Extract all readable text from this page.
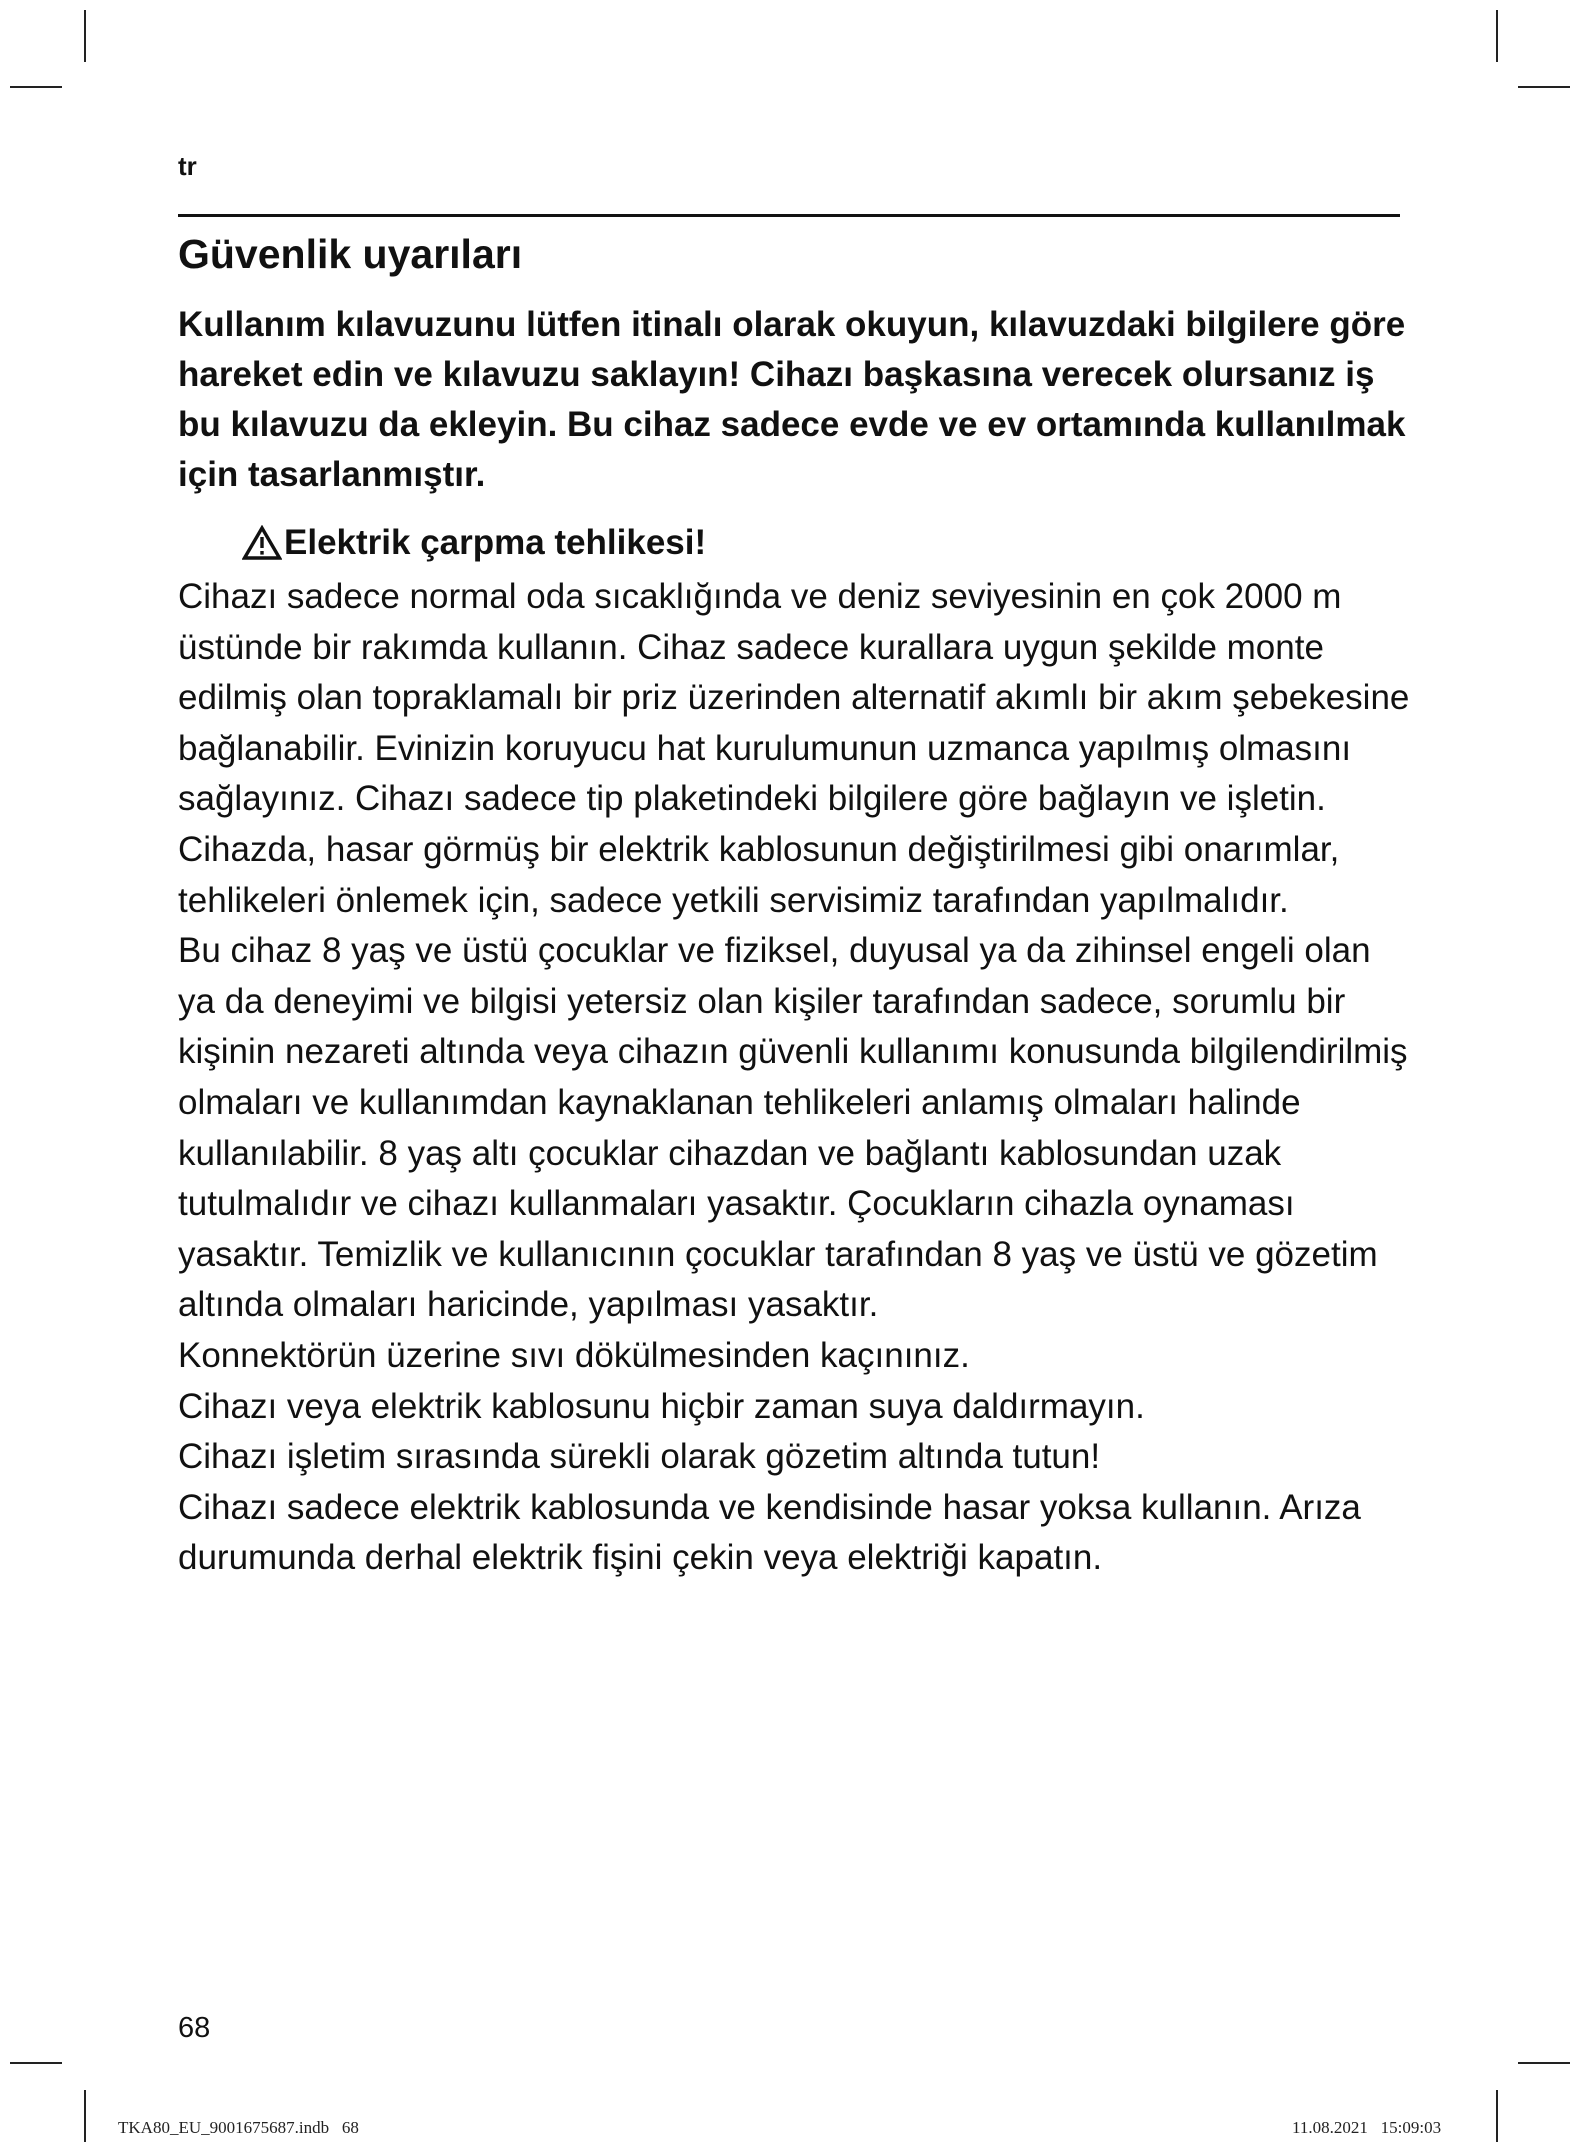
tr
Güvenlik uyarıları

Kullanım kılavuzunu lütfen itinalı olarak okuyun, kılavuzdaki bilgilere göre hareket edin ve kılavuzu saklayın! Cihazı başkasına verecek olursanız iş bu kılavuzu da ekleyin. Bu cihaz sadece evde ve ev ortamında kullanılmak için tasarlanmıştır.

Elektrik çarpma tehlikesi!

Cihazı sadece normal oda sıcaklığında ve deniz seviyesinin en çok 2000 m üstünde bir rakımda kullanın. Cihaz sadece kurallara uygun şekilde monte edilmiş olan topraklamalı bir priz üzerinden alternatif akımlı bir akım şebekesine bağlanabilir. Evinizin koruyucu hat kurulumunun uzmanca yapılmış olmasını sağlayınız. Cihazı sadece tip plaketindeki bilgilere göre bağlayın ve işletin. Cihazda, hasar görmüş bir elektrik kablosunun değiştirilmesi gibi onarımlar, tehlikeleri önlemek için, sadece yetkili servisimiz tarafından yapılmalıdır.

Bu cihaz 8 yaş ve üstü çocuklar ve fiziksel, duyusal ya da zihinsel engeli olan ya da deneyimi ve bilgisi yetersiz olan kişiler tarafından sadece, sorumlu bir kişinin nezareti altında veya cihazın güvenli kullanımı konusunda bilgilendirilmiş olmaları ve kullanımdan kaynaklanan tehlikeleri anlamış olmaları halinde kullanılabilir. 8 yaş altı çocuklar cihazdan ve bağlantı kablosundan uzak tutulmalıdır ve cihazı kullanmaları yasaktır. Çocukların cihazla oynaması yasaktır. Temizlik ve kullanıcının çocuklar tarafından 8 yaş ve üstü ve gözetim altında olmaları haricinde, yapılması yasaktır.

Konnektörün üzerine sıvı dökülmesinden kaçınınız.

Cihazı veya elektrik kablosunu hiçbir zaman suya daldırmayın.

Cihazı işletim sırasında sürekli olarak gözetim altında tutun!

Cihazı sadece elektrik kablosunda ve kendisinde hasar yoksa kullanın. Arıza durumunda derhal elektrik fişini çekin veya elektriği kapatın.

68
TKA80_EU_9001675687.indb   68	11.08.2021   15:09:03
